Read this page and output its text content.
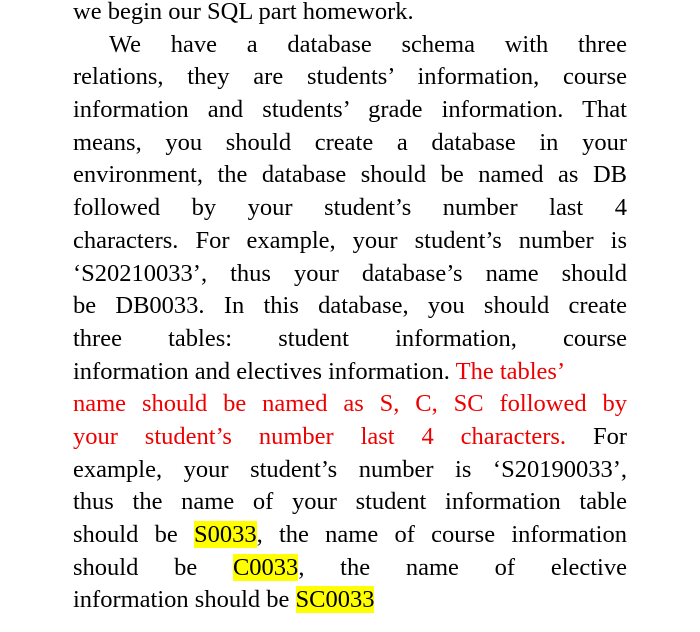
we begin our SQL part homework.
We have a database schema with three
relations, they are students’ information, course
information and students’ grade information. That
means, you should create a database in your
environment, the database should be named as DB
followed by your student’s number last 4
characters. For example, your student’s number is
‘S20210033’, thus your database’s name should
be DB0033. In this database, you should create
three tables: student information, course
information and electives information. The tables’
name should be named as S, C, SC followed by
your student’s number last 4 characters. For
example, your student’s number is ‘S20190033’,
thus the name of your student information table
should be S0033, the name of course information
should be C0033, the name of elective
information should be SC0033
